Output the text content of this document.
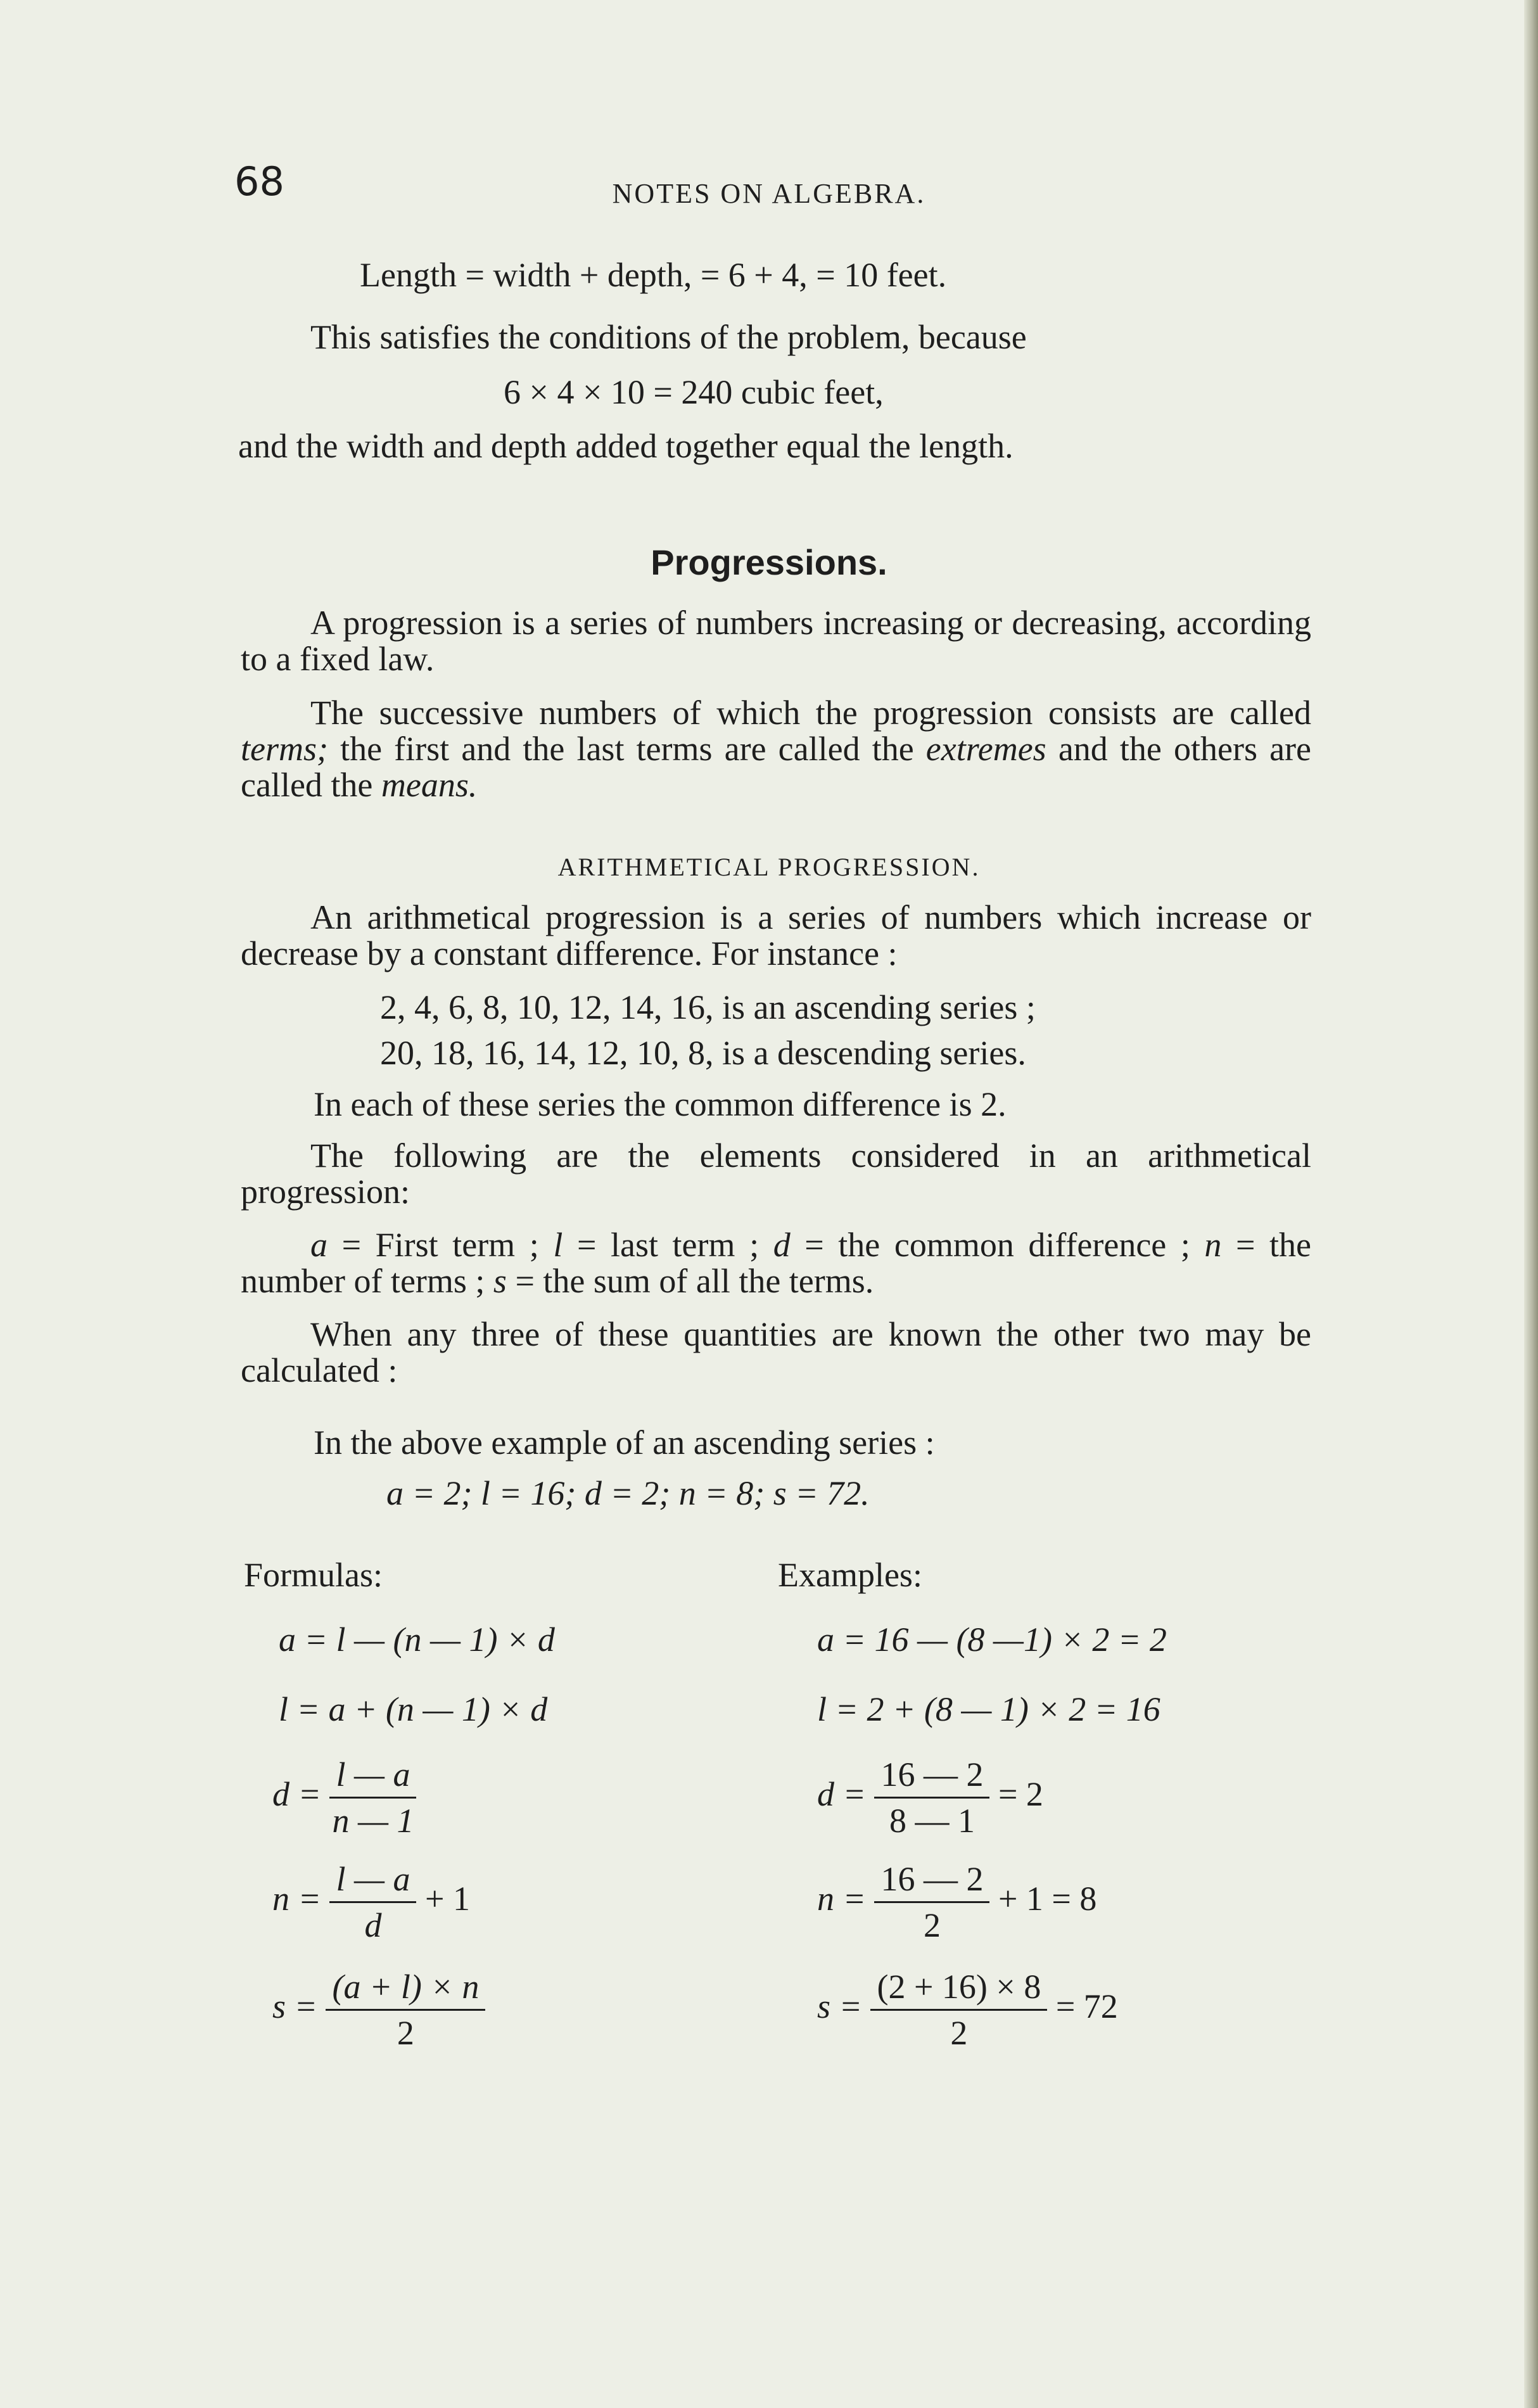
68	NOTES ON ALGEBRA.
Length = width + depth, = 6 + 4, = 10 feet.
This satisfies the conditions of the problem, because
6 × 4 × 10 = 240 cubic feet,
and the width and depth added together equal the length.
Progressions.
A progression is a series of numbers increasing or decreasing, according to a fixed law.
The successive numbers of which the progression consists are called terms; the first and the last terms are called the extremes and the others are called the means.
ARITHMETICAL PROGRESSION.
An arithmetical progression is a series of numbers which increase or decrease by a constant difference. For instance :
2, 4, 6, 8, 10, 12, 14, 16, is an ascending series ;
20, 18, 16, 14, 12, 10, 8, is a descending series.
In each of these series the common difference is 2.
The following are the elements considered in an arithmetical progression:
a = First term ; l = last term ; d = the common difference ; n = the number of terms ; s = the sum of all the terms.
When any three of these quantities are known the other two may be calculated :
In the above example of an ascending series :
a = 2; l = 16; d = 2; n = 8; s = 72.
Formulas:
a = l — (n — 1) × d
l = a + (n — 1) × d
$d = \frac{l — a}{n — 1}$
$n = \frac{l — a}{d} + 1$
$s = \frac{(a + l) \times n}{2}$
Examples:
a = 16 — (8 —1) × 2 = 2
l = 2 + (8 — 1) × 2 = 16
$d = \frac{16 — 2}{8 — 1} = 2$
$n = \frac{16 — 2}{2} + 1 = 8$
$s = \frac{(2 + 16) \times 8}{2} = 72$
